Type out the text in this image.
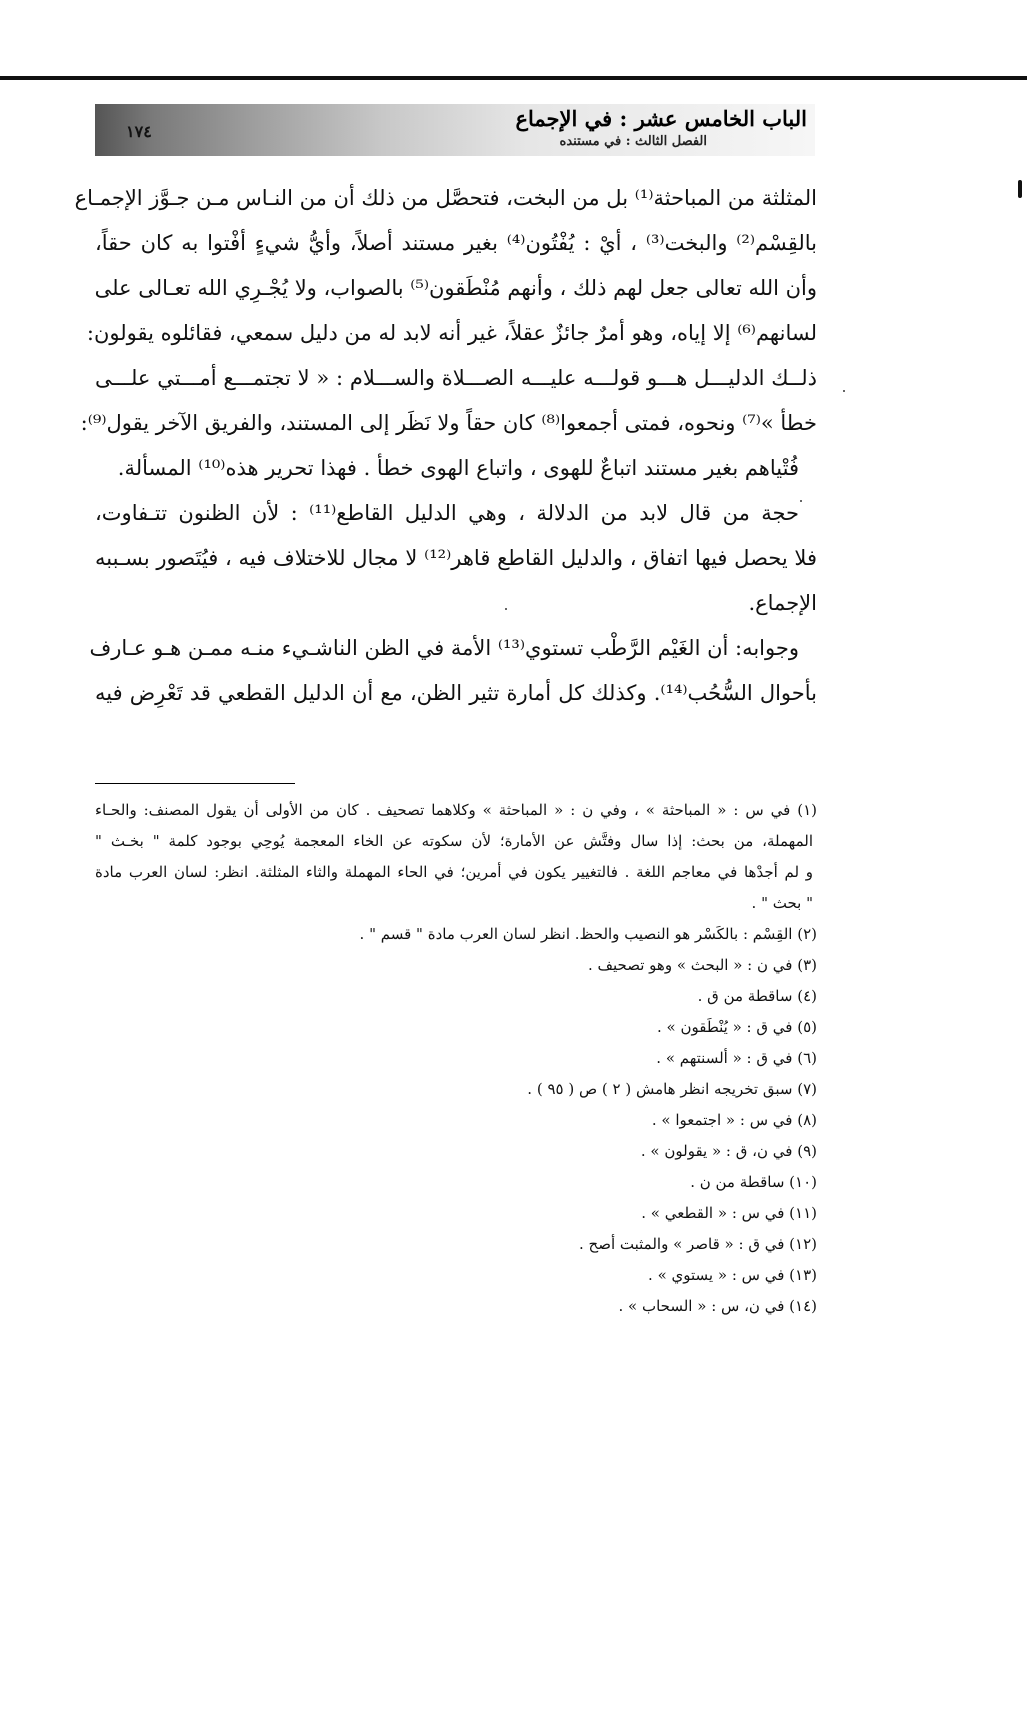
الباب الخامس عشر : في الإجماع
الفصل الثالث : في مستنده
١٧٤
المثلثة من المباحثة⁽¹⁾ بل من البخت، فتحصَّل من ذلك أن من النـاس مـن جـوَّز الإجمـاع
بالقِسْم⁽²⁾ والبخت⁽³⁾ ، أيْ : يُفْتُون⁽⁴⁾ بغير مستند أصلاً، وأيُّ شيءٍ أفْتوا به كان حقاً،
وأن الله تعالى جعل لهم ذلك ، وأنهم مُنْطَقون⁽⁵⁾ بالصواب، ولا يُجْـرِي الله تعـالى على
لسانهم⁽⁶⁾ إلا إياه، وهو أمرٌ جائزٌ عقلاً، غير أنه لابد له من دليل سمعي، فقائلوه يقولون:
ذلــك الدليـــل هـــو قولـــه عليـــه الصـــلاة والســـلام : « لا تجتمـــع أمـــتي علـــى
خطأ »⁽⁷⁾ ونحوه، فمتى أجمعوا⁽⁸⁾ كان حقاً ولا نَظَر إلى المستند، والفريق الآخر يقول⁽⁹⁾:
فُتْياهم بغير مستند اتباعٌ للهوى ، واتباع الهوى خطأ . فهذا تحرير هذه⁽¹⁰⁾ المسألة.
حجة من قال لابد من الدلالة ، وهي الدليل القاطع⁽¹¹⁾ : لأن الظنون تتـفاوت،
فلا يحصل فيها اتفاق ، والدليل القاطع قاهر⁽¹²⁾ لا مجال للاختلاف فيه ، فيُتَصور بسـببه
الإجماع.
وجوابه: أن الغَيْم الرَّطْب تستوي⁽¹³⁾ الأمة في الظن الناشـيء منـه ممـن هـو عـارف
بأحوال السُّحُب⁽¹⁴⁾. وكذلك كل أمارة تثير الظن، مع أن الدليل القطعي قد تَعْرِض فيه
(١) في س : « المباحثة » ، وفي ن : « المباحثة » وكلاهما تصحيف . كان من الأولى أن يقول المصنف: والحـاء
المهملة، من بحث: إذا سال وفتَّش عن الأمارة؛ لأن سكوته عن الخاء المعجمة يُوحِي بوجود كلمة " بخـث "
و لم أجدْها في معاجم اللغة . فالتغيير يكون في أمرين؛ في الحاء المهملة والثاء المثلثة. انظر: لسان العرب مادة
" بحث " .
(٢) القِسْم : بالكَسْر هو النصيب والحظ. انظر لسان العرب مادة " قسم " .
(٣) في ن : « البحث » وهو تصحيف .
(٤) ساقطة من ق .
(٥) في ق : « يُنْطَقون » .
(٦) في ق : « ألسنتهم » .
(٧) سبق تخريجه انظر هامش ( ٢ ) ص ( ٩٥ ) .
(٨) في س : « اجتمعوا » .
(٩) في ن، ق : « يقولون » .
(١٠) ساقطة من ن .
(١١) في س : « القطعي » .
(١٢) في ق : « قاصر » والمثبت أصح .
(١٣) في س : « يستوي » .
(١٤) في ن، س : « السحاب » .
